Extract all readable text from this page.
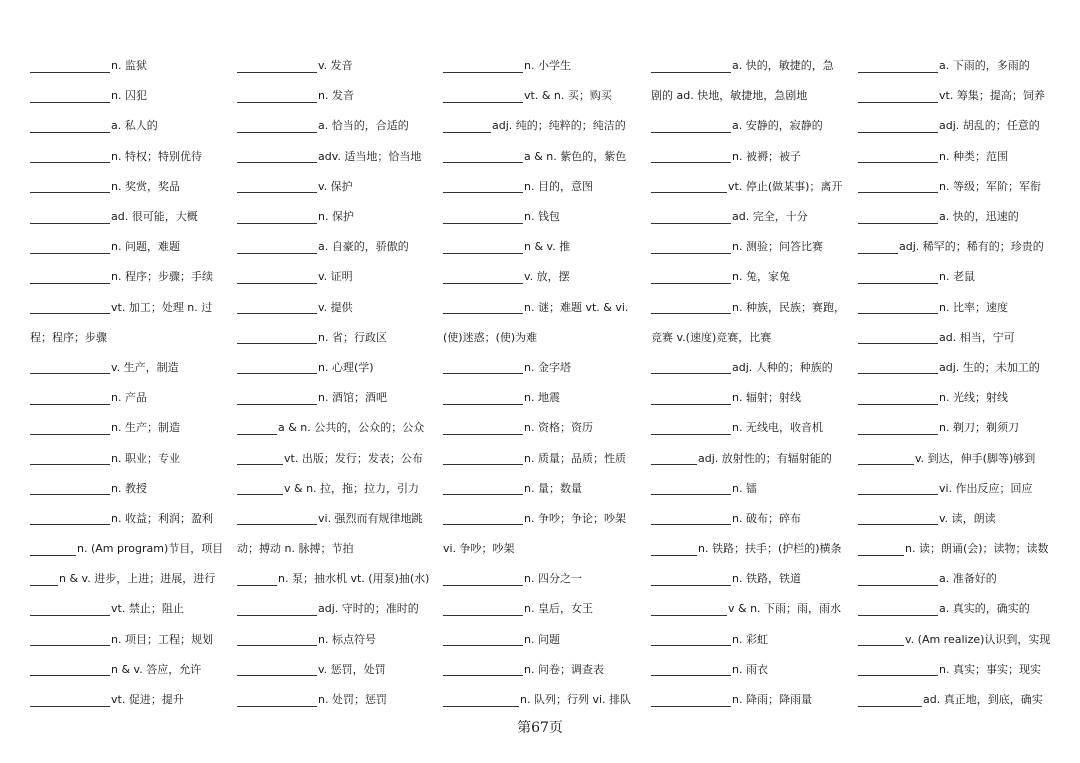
n. 监狱
n. 囚犯
a. 私人的
n. 特权；特别优待
n. 奖赏，奖品
ad. 很可能，大概
n. 问题，难题
n. 程序；步骤；手续
vt. 加工；处理 n. 过
程；程序；步骤
v. 生产，制造
n. 产品
n. 生产；制造
n. 职业；专业
n. 教授
n. 收益；利润；盈利
n. (Am program)节目，项目
n & v. 进步，上进；进展，进行
vt. 禁止；阻止
n. 项目；工程；规划
n & v. 答应，允许
vt. 促进；提升
v. 发音
n. 发音
a. 恰当的，合适的
adv. 适当地；恰当地
v. 保护
n. 保护
a. 自豪的，骄傲的
v. 证明
v. 提供
n. 省；行政区
n. 心理(学)
n. 酒馆；酒吧
a & n. 公共的，公众的；公众
vt. 出版；发行；发表；公布
v & n. 拉，拖；拉力，引力
vi. 强烈而有规律地跳
动；搏动 n. 脉搏；节拍
n. 泵；抽水机 vt. (用泵)抽(水)
adj. 守时的；准时的
n. 标点符号
v. 惩罚，处罚
n. 处罚；惩罚
n. 小学生
vt. & n. 买；购买
adj. 纯的；纯粹的；纯洁的
a & n. 紫色的，紫色
n. 目的，意图
n. 钱包
n & v. 推
v. 放，摆
n. 谜；难题 vt. & vi.
(使)迷惑；(使)为难
n. 金字塔
n. 地震
n. 资格；资历
n. 质量；品质；性质
n. 量；数量
n. 争吵；争论；吵架
vi. 争吵；吵架
n. 四分之一
n. 皇后，女王
n. 问题
n. 问卷；调查表
n. 队列；行列 vi. 排队
a. 快的，敏捷的，急
剧的 ad. 快地，敏捷地，急剧地
a. 安静的，寂静的
n. 被褥；被子
vt. 停止(做某事)；离开
ad. 完全，十分
n. 测验；问答比赛
n. 兔，家兔
n. 种族，民族；赛跑，
竞赛 v.(速度)竞赛，比赛
adj. 人种的；种族的
n. 辐射；射线
n. 无线电，收音机
adj. 放射性的；有辐射能的
n. 镭
n. 破布；碎布
n. 铁路；扶手；(护栏的)横条
n. 铁路，铁道
v & n. 下雨；雨，雨水
n. 彩虹
n. 雨衣
n. 降雨；降雨量
a. 下雨的，多雨的
vt. 筹集；提高；饲养
adj. 胡乱的；任意的
n. 种类；范围
n. 等级；军阶；军衔
a. 快的，迅速的
adj. 稀罕的；稀有的；珍贵的
n. 老鼠
n. 比率；速度
ad. 相当，宁可
adj. 生的；未加工的
n. 光线；射线
n. 剃刀；剃须刀
v. 到达，伸手(脚等)够到
vi. 作出反应；回应
v. 读，朗读
n. 读；朗诵(会)；读物；读数
a. 准备好的
a. 真实的，确实的
v. (Am realize)认识到，实现
n. 真实；事实；现实
ad. 真正地，到底，确实
第67页
